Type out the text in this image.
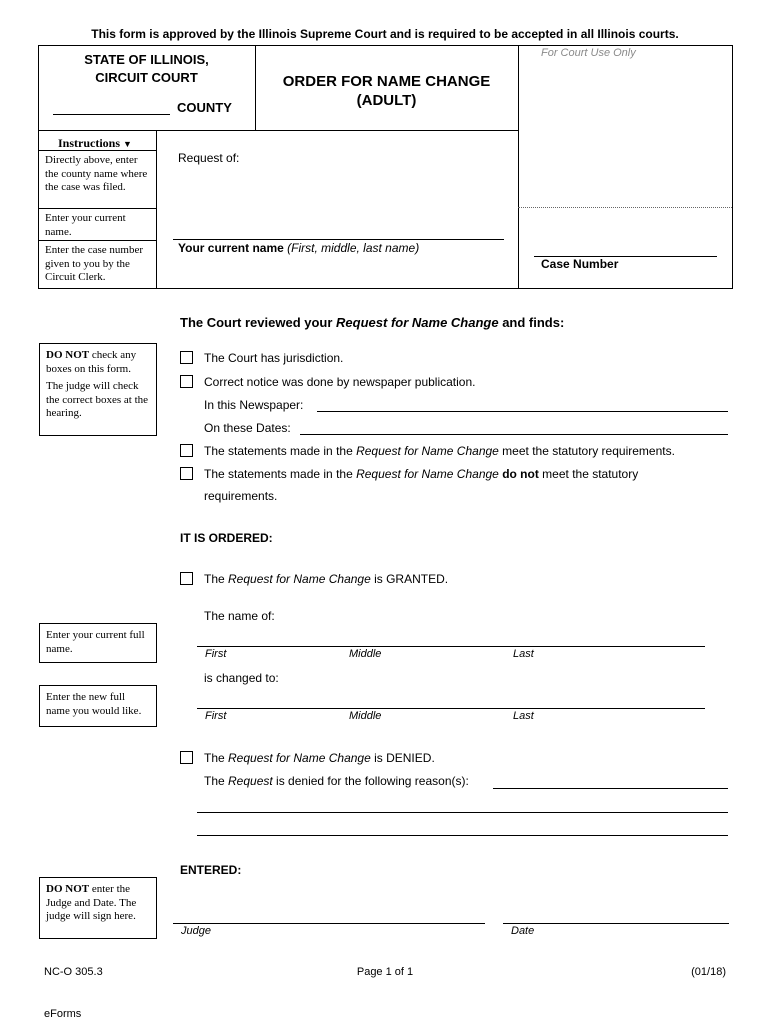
This form is approved by the Illinois Supreme Court and is required to be accepted in all Illinois courts.
STATE OF ILLINOIS,
CIRCUIT COURT
COUNTY
ORDER FOR NAME CHANGE
(ADULT)
For Court Use Only
Request of:
Your current name (First, middle, last name)
Case Number
Instructions ▼
Directly above, enter the county name where the case was filed.
Enter your current name.
Enter the case number given to you by the Circuit Clerk.
The Court reviewed your Request for Name Change and finds:

DO NOT check any boxes on this form.

The judge will check the correct boxes at the hearing.

The Court has jurisdiction.
Correct notice was done by newspaper publication.
In this Newspaper:
On these Dates:
The statements made in the Request for Name Change meet the statutory requirements.
The statements made in the Request for Name Change do not meet the statutory
requirements.
IT IS ORDERED:
The Request for Name Change is GRANTED.
The name of:

Enter your current full name.	First	Middle	Last
is changed to:

Enter the new full name you would like.	First	Middle	Last
The Request for Name Change is DENIED.
The Request is denied for the following reason(s):
ENTERED:

DO NOT enter the Judge and Date. The judge will sign here.

Judge	Date
NC-O 305.3	Page 1 of 1	(01/18)
eForms
